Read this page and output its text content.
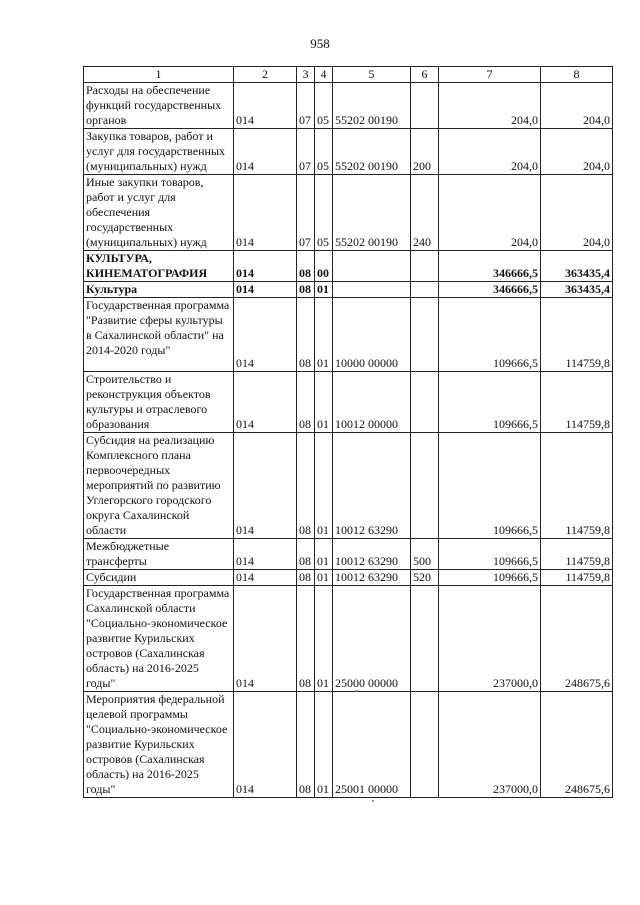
958
1	2	3	4	5	6	7	8
Расходы на обеспечение функций государственных органов	014	07	05	55202 00190		204,0	204,0
Закупка товаров, работ и услуг для государственных (муниципальных) нужд	014	07	05	55202 00190	200	204,0	204,0
Иные закупки товаров, работ и услуг для обеспечения государственных (муниципальных) нужд	014	07	05	55202 00190	240	204,0	204,0
КУЛЬТУРА, КИНЕМАТОГРАФИЯ	014	08	00			346666,5	363435,4
Культура	014	08	01			346666,5	363435,4
Государственная программа "Развитие сферы культуры в Сахалинской области" на 2014-2020 годы"	014	08	01	10000 00000		109666,5	114759,8
Строительство и реконструкция объектов культуры и отраслевого образования	014	08	01	10012 00000		109666,5	114759,8
Субсидия на реализацию Комплексного плана первоочередных мероприятий по развитию Углегорского городского округа Сахалинской области	014	08	01	10012 63290		109666,5	114759,8
Межбюджетные трансферты	014	08	01	10012 63290	500	109666,5	114759,8
Субсидии	014	08	01	10012 63290	520	109666,5	114759,8
Государственная программа Сахалинской области "Социально-экономическое развитие Курильских островов (Сахалинская область) на 2016-2025 годы"	014	08	01	25000 00000		237000,0	248675,6
Мероприятия федеральной целевой программы "Социально-экономическое развитие Курильских островов (Сахалинская область) на 2016-2025 годы"	014	08	01	25001 00000		237000,0	248675,6
